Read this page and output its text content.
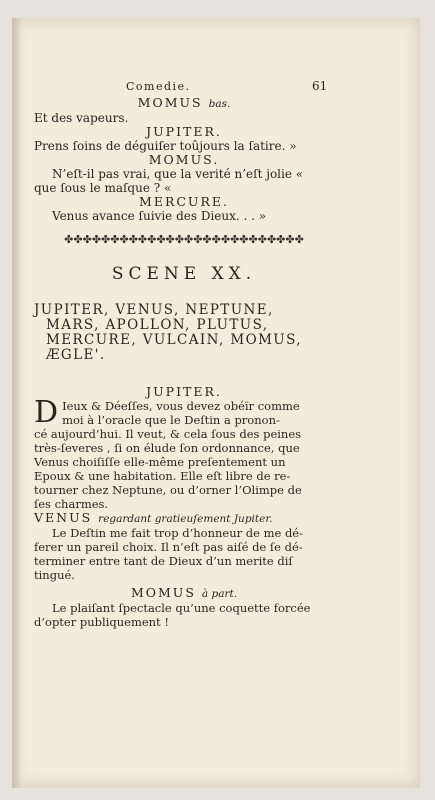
Comedie.	61
MOMUS bas.
Et des vapeurs.
JUPITER.
Prens ſoins de déguiſer toûjours la ſatire. »
MOMUS.
N’eſt-il pas vrai, que la verité n’eſt jolie «
que ſous le maſque ? «
MERCURE.
Venus avance ſuivie des Dieux. . . »
✤✤✤✤✤✤✤✤✤✤✤✤✤✤✤✤✤✤✤✤✤✤✤✤✤✤
SCENE XX.
JUPITER, VENUS, NEPTUNE,
MARS, APOLLON, PLUTUS,
MERCURE, VULCAIN, MOMUS,
ÆGLE'.
JUPITER.
D Ieux & Déeſſes, vous devez obéïr comme
moi à l’oracle que le Deſtin a pronon-
cé aujourd’hui. Il veut, & cela ſous des peines
très-ſeveres , ſi on élude ſon ordonnance, que
Venus choiſiſſe elle-même preſentement un
Epoux & une habitation. Elle eſt libre de re-
tourner chez Neptune, ou d’orner l’Olimpe de
ſes charmes.
VENUS regardant gratieuſement Jupiter.
Le Deſtin me fait trop d’honneur de me dé-
ferer un pareil choix. Il n’eſt pas aiſé de ſe dé-
terminer entre tant de Dieux d’un merite diſ
tingué.
MOMUS à part.
Le plaiſant ſpectacle qu’une coquette forcée
d’opter publiquement !
